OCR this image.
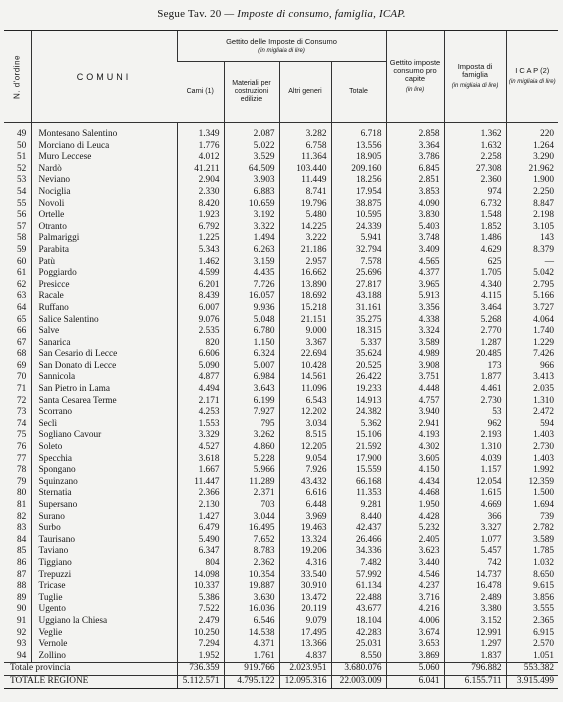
Segue Tav. 20 — Imposte di consumo, famiglia, ICAP.
N. d'ordine	COMUNI	Gettito delle Imposte di Consumo
(in migliaia di lire)				Gettito imposte consumo pro capite
(in lire)	Imposta di famiglia
(in migliaia di lire)	I C A P (2)
(in migliaia di lire)

		Carni (1)	Materiali per costruzioni edilizie	Altri generi	Totale			
49	Montesano Salentino	1.349	2.087	3.282	6.718	2.858	1.362	220
50	Morciano di Leuca	1.776	5.022	6.758	13.556	3.364	1.632	1.264
51	Muro Leccese	4.012	3.529	11.364	18.905	3.786	2.258	3.290
52	Nardò	41.211	64.509	103.440	209.160	6.845	27.308	21.962
53	Neviano	2.904	3.903	11.449	18.256	2.851	2.360	1.900
54	Nociglia	2.330	6.883	8.741	17.954	3.853	974	2.250
55	Novoli	8.420	10.659	19.796	38.875	4.090	6.732	8.847
56	Ortelle	1.923	3.192	5.480	10.595	3.830	1.548	2.198
57	Otranto	6.792	3.322	14.225	24.339	5.403	1.852	3.105
58	Palmariggi	1.225	1.494	3.222	5.941	3.748	1.486	143
59	Parabita	5.343	6.263	21.186	32.794	3.409	4.629	8.379
60	Patù	1.462	3.159	2.957	7.578	4.565	625	—
61	Poggiardo	4.599	4.435	16.662	25.696	4.377	1.705	5.042
62	Presicce	6.201	7.726	13.890	27.817	3.965	4.340	2.795
63	Racale	8.439	16.057	18.692	43.188	5.913	4.115	5.166
64	Ruffano	6.007	9.936	15.218	31.161	3.356	3.464	3.727
65	Salice Salentino	9.076	5.048	21.151	35.275	4.338	5.268	4.064
66	Salve	2.535	6.780	9.000	18.315	3.324	2.770	1.740
67	Sanarica	820	1.150	3.367	5.337	3.589	1.287	1.229
68	San Cesario di Lecce	6.606	6.324	22.694	35.624	4.989	20.485	7.426
69	San Donato di Lecce	5.090	5.007	10.428	20.525	3.908	173	966
70	Sannicola	4.877	6.984	14.561	26.422	3.751	1.877	3.413
71	San Pietro in Lama	4.494	3.643	11.096	19.233	4.448	4.461	2.035
72	Santa Cesarea Terme	2.171	6.199	6.543	14.913	4.757	2.730	1.310
73	Scorrano	4.253	7.927	12.202	24.382	3.940	53	2.472
74	Seclì	1.553	795	3.034	5.362	2.941	962	594
75	Sogliano Cavour	3.329	3.262	8.515	15.106	4.193	2.193	1.403
76	Soleto	4.527	4.860	12.205	21.592	4.302	1.310	2.730
77	Specchia	3.618	5.228	9.054	17.900	3.605	4.039	1.403
78	Spongano	1.667	5.966	7.926	15.559	4.150	1.157	1.992
79	Squinzano	11.447	11.289	43.432	66.168	4.434	12.054	12.359
80	Sternatia	2.366	2.371	6.616	11.353	4.468	1.615	1.500
81	Supersano	2.130	703	6.448	9.281	1.950	4.669	1.694
82	Surano	1.427	3.044	3.969	8.440	4.428	366	739
83	Surbo	6.479	16.495	19.463	42.437	5.232	3.327	2.782
84	Taurisano	5.490	7.652	13.324	26.466	2.405	1.077	3.589
85	Taviano	6.347	8.783	19.206	34.336	3.623	5.457	1.785
86	Tiggiano	804	2.362	4.316	7.482	3.440	742	1.032
87	Trepuzzi	14.098	10.354	33.540	57.992	4.546	14.737	8.650
88	Tricase	10.337	19.887	30.910	61.134	4.237	16.478	9.615
89	Tuglie	5.386	3.630	13.472	22.488	3.716	2.489	3.856
90	Ugento	7.522	16.036	20.119	43.677	4.216	3.380	3.555
91	Uggiano la Chiesa	2.479	6.546	9.079	18.104	4.006	3.152	2.365
92	Veglie	10.250	14.538	17.495	42.283	3.674	12.991	6.915
93	Vernole	7.294	4.371	13.366	25.031	3.653	1.297	2.570
94	Zollino	1.952	1.761	4.837	8.550	3.869	1.837	1.051
Totale provincia		736.359	919.766	2.023.951	3.680.076	5.060	796.882	553.382
TOTALE REGIONE		5.112.571	4.795.122	12.095.316	22.003.009	6.041	6.155.711	3.915.499
